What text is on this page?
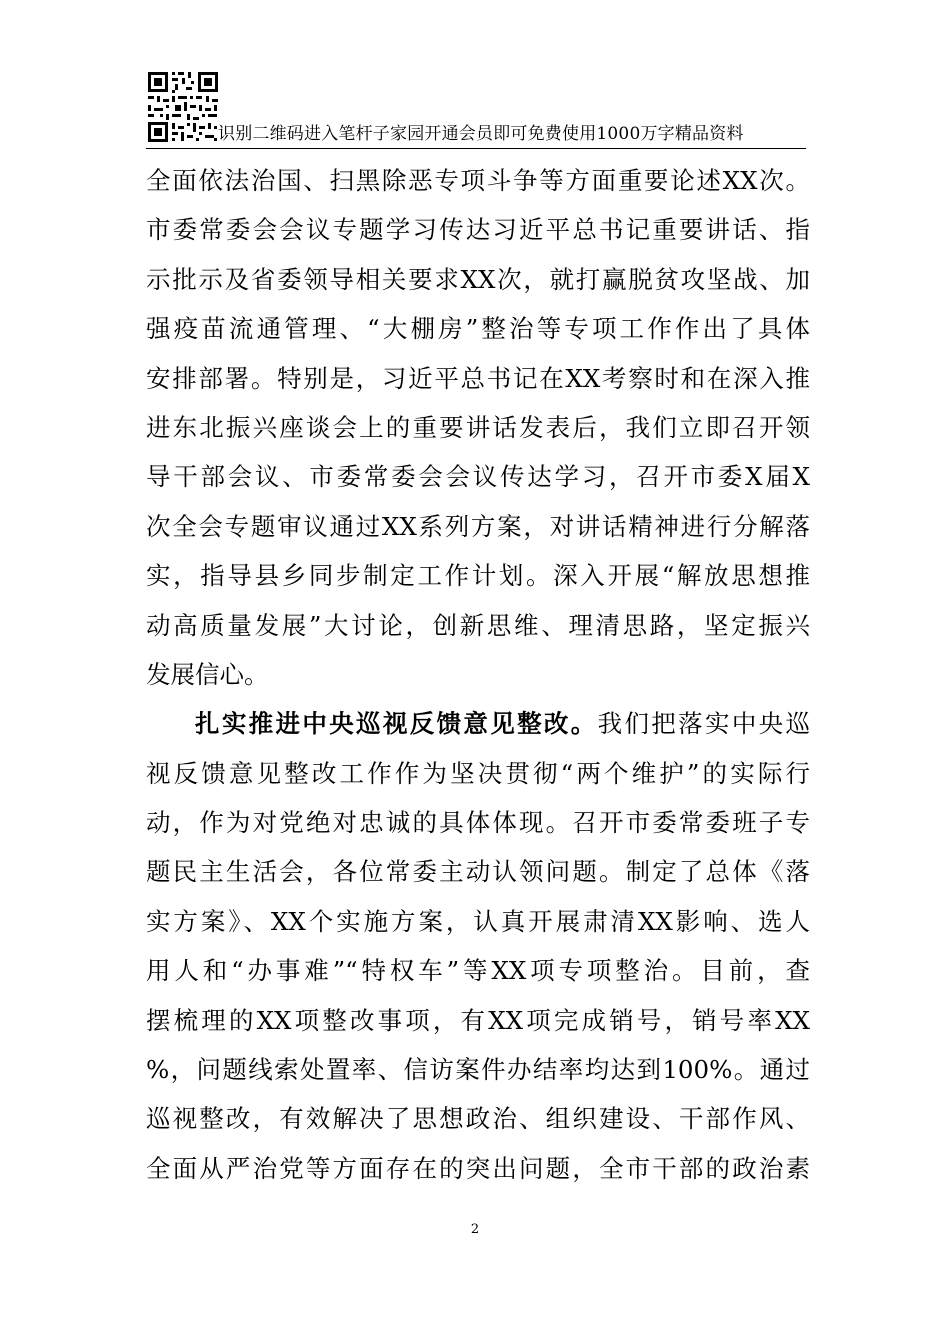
识别二维码进入笔杆子家园开通会员即可免费使用1000万字精品资料
全面依法治国、扫黑除恶专项斗争等方面重要论述XX次。
市委常委会会议专题学习传达习近平总书记重要讲话、指
示批示及省委领导相关要求XX次，就打赢脱贫攻坚战、加
强疫苗流通管理、“大棚房”整治等专项工作作出了具体
安排部署。特别是，习近平总书记在XX考察时和在深入推
进东北振兴座谈会上的重要讲话发表后，我们立即召开领
导干部会议、市委常委会会议传达学习，召开市委X届X
次全会专题审议通过XX系列方案，对讲话精神进行分解落
实，指导县乡同步制定工作计划。深入开展“解放思想推
动高质量发展”大讨论，创新思维、理清思路，坚定振兴
发展信心。
扎实推进中央巡视反馈意见整改。我们把落实中央巡
视反馈意见整改工作作为坚决贯彻“两个维护”的实际行
动，作为对党绝对忠诚的具体体现。召开市委常委班子专
题民主生活会，各位常委主动认领问题。制定了总体《落
实方案》、XX个实施方案，认真开展肃清XX影响、选人
用人和“办事难”“特权车”等XX项专项整治。目前，查
摆梳理的XX项整改事项，有XX项完成销号，销号率XX
%，问题线索处置率、信访案件办结率均达到100%。通过
巡视整改，有效解决了思想政治、组织建设、干部作风、
全面从严治党等方面存在的突出问题，全市干部的政治素
2
